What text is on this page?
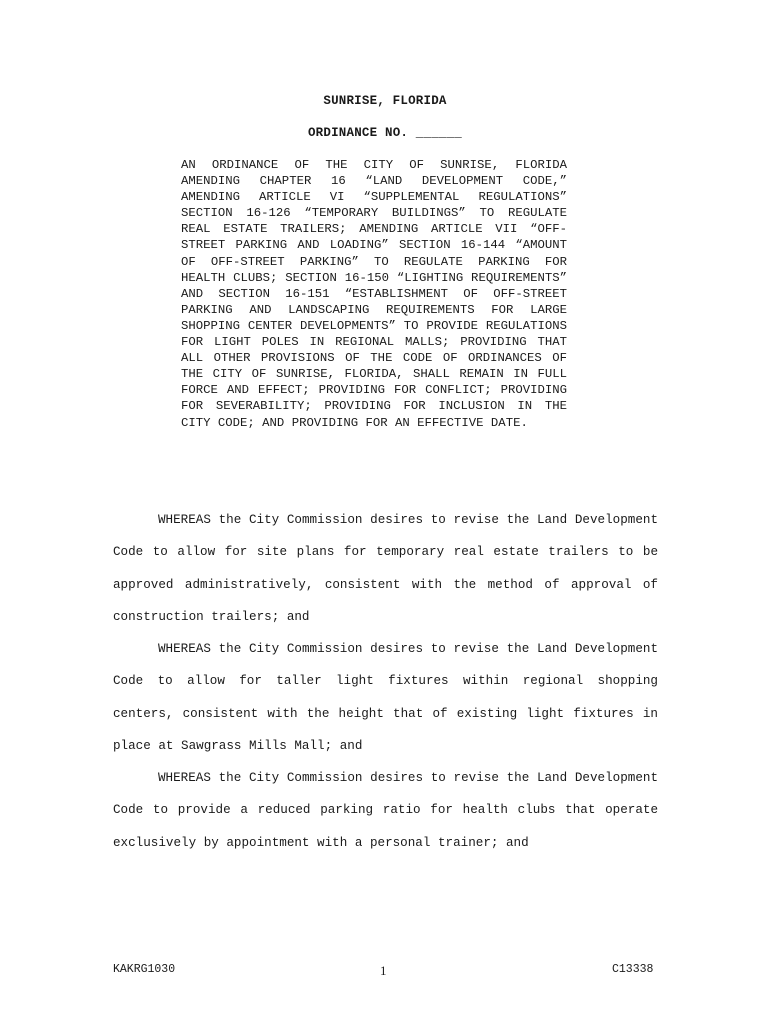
SUNRISE, FLORIDA
ORDINANCE NO. ______
AN ORDINANCE OF THE CITY OF SUNRISE, FLORIDA AMENDING CHAPTER 16 “LAND DEVELOPMENT CODE,” AMENDING ARTICLE VI “SUPPLEMENTAL REGULATIONS” SECTION 16-126 “TEMPORARY BUILDINGS” TO REGULATE REAL ESTATE TRAILERS; AMENDING ARTICLE VII “OFF-STREET PARKING AND LOADING” SECTION 16-144 “AMOUNT OF OFF-STREET PARKING” TO REGULATE PARKING FOR HEALTH CLUBS; SECTION 16-150 “LIGHTING REQUIREMENTS” AND SECTION 16-151 “ESTABLISHMENT OF OFF-STREET PARKING AND LANDSCAPING REQUIREMENTS FOR LARGE SHOPPING CENTER DEVELOPMENTS” TO PROVIDE REGULATIONS FOR LIGHT POLES IN REGIONAL MALLS; PROVIDING THAT ALL OTHER PROVISIONS OF THE CODE OF ORDINANCES OF THE CITY OF SUNRISE, FLORIDA, SHALL REMAIN IN FULL FORCE AND EFFECT; PROVIDING FOR CONFLICT; PROVIDING FOR SEVERABILITY; PROVIDING FOR INCLUSION IN THE CITY CODE; AND PROVIDING FOR AN EFFECTIVE DATE.
WHEREAS the City Commission desires to revise the Land Development Code to allow for site plans for temporary real estate trailers to be approved administratively, consistent with the method of approval of construction trailers; and
WHEREAS the City Commission desires to revise the Land Development Code to allow for taller light fixtures within regional shopping centers, consistent with the height that of existing light fixtures in place at Sawgrass Mills Mall; and
WHEREAS the City Commission desires to revise the Land Development Code to provide a reduced parking ratio for health clubs that operate exclusively by appointment with a personal trainer; and
KAKRG1030	1	C13338
